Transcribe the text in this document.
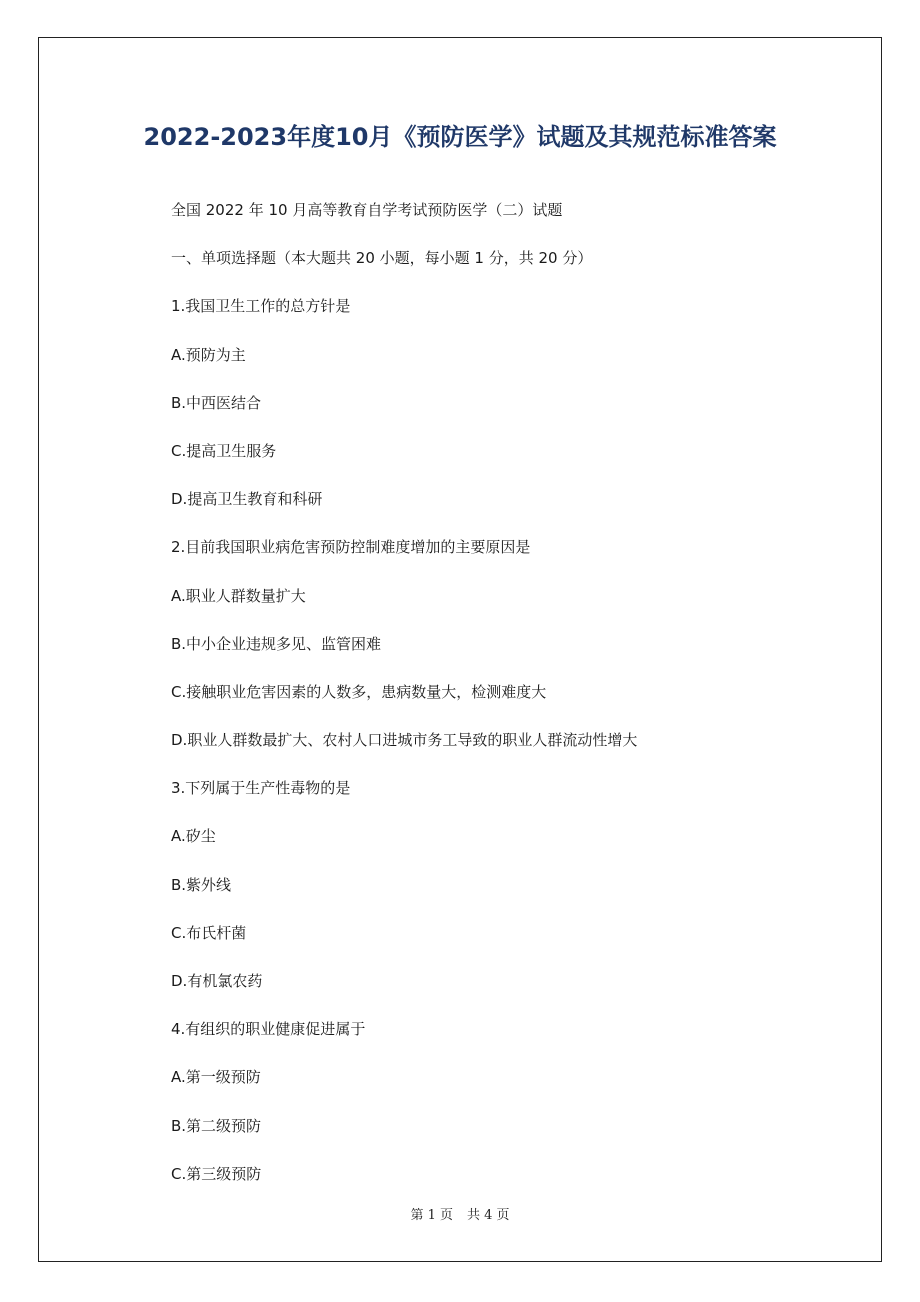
2022-2023年度10月《预防医学》试题及其规范标准答案
全国 2022 年 10 月高等教育自学考试预防医学（二）试题
一、单项选择题（本大题共 20 小题，每小题 1 分，共 20 分）
1.我国卫生工作的总方针是
A.预防为主
B.中西医结合
C.提高卫生服务
D.提高卫生教育和科研
2.目前我国职业病危害预防控制难度增加的主要原因是
A.职业人群数量扩大
B.中小企业违规多见、监管困难
C.接触职业危害因素的人数多，患病数量大，检测难度大
D.职业人群数最扩大、农村人口进城市务工导致的职业人群流动性增大
3.下列属于生产性毒物的是
A.矽尘
B.紫外线
C.布氏杆菌
D.有机氯农药
4.有组织的职业健康促进属于
A.第一级预防
B.第二级预防
C.第三级预防
第 1 页 共 4 页
